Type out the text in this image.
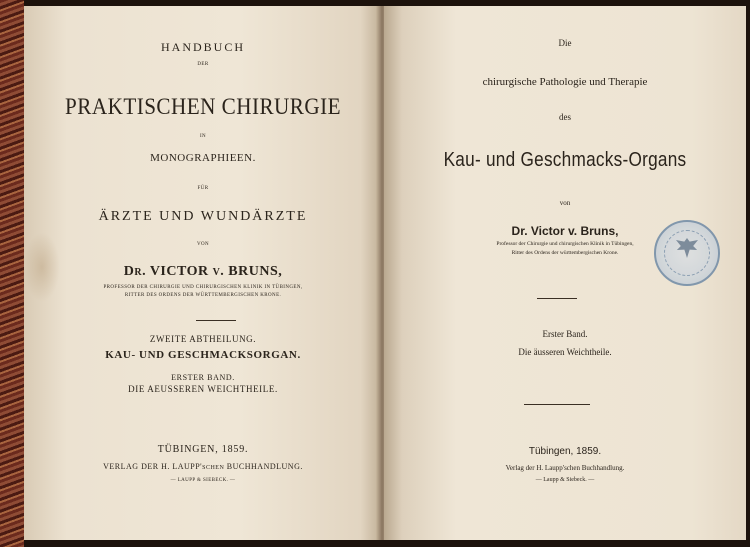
HANDBUCH
DER
PRAKTISCHEN CHIRURGIE
IN
MONOGRAPHIEEN.
FÜR
ÄRZTE UND WUNDÄRZTE
VON
Dr. VICTOR v. BRUNS,
PROFESSOR DER CHIRURGIE UND CHIRURGISCHEN KLINIK IN TÜBINGEN,
RITTER DES ORDENS DER WÜRTTEMBERGISCHEN KRONE.
ZWEITE ABTHEILUNG.
KAU- UND GESCHMACKSORGAN.
ERSTER BAND.
DIE AEUSSEREN WEICHTHEILE.
TÜBINGEN, 1859.
VERLAG DER H. LAUPP'schen BUCHHANDLUNG.
— LAUPP & SIEBECK. —
Die
chirurgische Pathologie und Therapie
des
Kau- und Geschmacks-Organs
von
Dr. Victor v. Bruns,
Professor der Chirurgie und chirurgischen Klinik in Tübingen,
Ritter des Ordens der württembergischen Krone.
Erster Band.
Die äusseren Weichtheile.
Tübingen, 1859.
Verlag der H. Laupp'schen Buchhandlung.
— Laupp & Siebeck. —
